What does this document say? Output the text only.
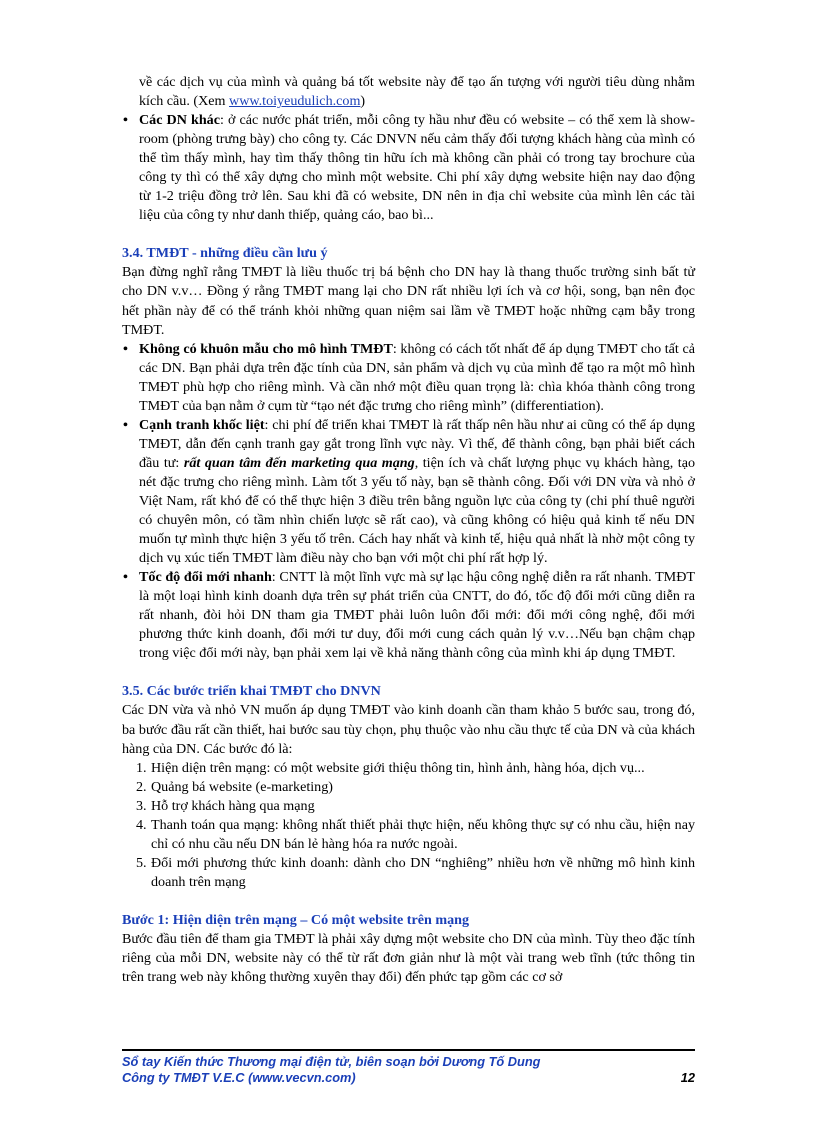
về các dịch vụ của mình và quảng bá tốt website này để tạo ấn tượng với người tiêu dùng nhằm kích cầu. (Xem www.toiyeudulich.com)

• Các DN khác: ở các nước phát triển, mỗi công ty hầu như đều có website – có thể xem là show-room (phòng trưng bày) cho công ty. Các DNVN nếu cảm thấy đối tượng khách hàng của mình có thể tìm thấy mình, hay tìm thấy thông tin hữu ích mà không cần phải có trong tay brochure của công ty thì có thể xây dựng cho mình một website. Chi phí xây dựng website hiện nay dao động từ 1-2 triệu đồng trở lên. Sau khi đã có website, DN nên in địa chỉ website của mình lên các tài liệu của công ty như danh thiếp, quảng cáo, bao bì...
3.4. TMĐT - những điều cần lưu ý

Bạn đừng nghĩ rằng TMĐT là liều thuốc trị bá bệnh cho DN hay là thang thuốc trường sinh bất tử cho DN v.v… Đồng ý rằng TMĐT mang lại cho DN rất nhiều lợi ích và cơ hội, song, bạn nên đọc hết phần này để có thể tránh khỏi những quan niệm sai lầm về TMĐT hoặc những cạm bẫy trong TMĐT.

• Không có khuôn mẫu cho mô hình TMĐT: không có cách tốt nhất để áp dụng TMĐT cho tất cả các DN. Bạn phải dựa trên đặc tính của DN, sản phẩm và dịch vụ của mình để tạo ra một mô hình TMĐT phù hợp cho riêng mình. Và cần nhớ một điều quan trọng là: chìa khóa thành công trong TMĐT của bạn nằm ở cụm từ “tạo nét đặc trưng cho riêng mình” (differentiation).
• Cạnh tranh khốc liệt: chi phí để triển khai TMĐT là rất thấp nên hầu như ai cũng có thể áp dụng TMĐT, dẫn đến cạnh tranh gay gắt trong lĩnh vực này. Vì thế, để thành công, bạn phải biết cách đầu tư: rất quan tâm đến marketing qua mạng, tiện ích và chất lượng phục vụ khách hàng, tạo nét đặc trưng cho riêng mình. Làm tốt 3 yếu tố này, bạn sẽ thành công. Đối với DN vừa và nhỏ ở Việt Nam, rất khó để có thể thực hiện 3 điều trên bằng nguồn lực của công ty (chi phí thuê người có chuyên môn, có tầm nhìn chiến lược sẽ rất cao), và cũng không có hiệu quả kinh tế nếu DN muốn tự mình thực hiện 3 yếu tố trên. Cách hay nhất và kinh tế, hiệu quả nhất là nhờ một công ty dịch vụ xúc tiến TMĐT làm điều này cho bạn với một chi phí rất hợp lý.
• Tốc độ đổi mới nhanh: CNTT là một lĩnh vực mà sự lạc hậu công nghệ diễn ra rất nhanh. TMĐT là một loại hình kinh doanh dựa trên sự phát triển của CNTT, do đó, tốc độ đổi mới cũng diễn ra rất nhanh, đòi hỏi DN tham gia TMĐT phải luôn luôn đổi mới: đổi mới công nghệ, đổi mới phương thức kinh doanh, đổi mới tư duy, đổi mới cung cách quản lý v.v…Nếu bạn chậm chạp trong việc đổi mới này, bạn phải xem lại về khả năng thành công của mình khi áp dụng TMĐT.
3.5. Các bước triển khai TMĐT cho DNVN

Các DN vừa và nhỏ VN muốn áp dụng TMĐT vào kinh doanh cần tham khảo 5 bước sau, trong đó, ba bước đầu rất cần thiết, hai bước sau tùy chọn, phụ thuộc vào nhu cầu thực tế của DN và của khách hàng của DN. Các bước đó là:

1. Hiện diện trên mạng: có một website giới thiệu thông tin, hình ảnh, hàng hóa, dịch vụ...
2. Quảng bá website (e-marketing)
3. Hỗ trợ khách hàng qua mạng
4. Thanh toán qua mạng: không nhất thiết phải thực hiện, nếu không thực sự có nhu cầu, hiện nay chỉ có nhu cầu nếu DN bán lẻ hàng hóa ra nước ngoài.
5. Đổi mới phương thức kinh doanh: dành cho DN “nghiêng” nhiều hơn về những mô hình kinh doanh trên mạng
Bước 1: Hiện diện trên mạng – Có một website trên mạng

Bước đầu tiên để tham gia TMĐT là phải xây dựng một website cho DN của mình. Tùy theo đặc tính riêng của mỗi DN, website này có thể từ rất đơn giản như là một vài trang web tĩnh (tức thông tin trên trang web này không thường xuyên thay đổi) đến phức tạp gồm các cơ sở

Sổ tay Kiến thức Thương mại điện tử, biên soạn bởi Dương Tố Dung
Công ty TMĐT V.E.C (www.vecvn.com)	12
